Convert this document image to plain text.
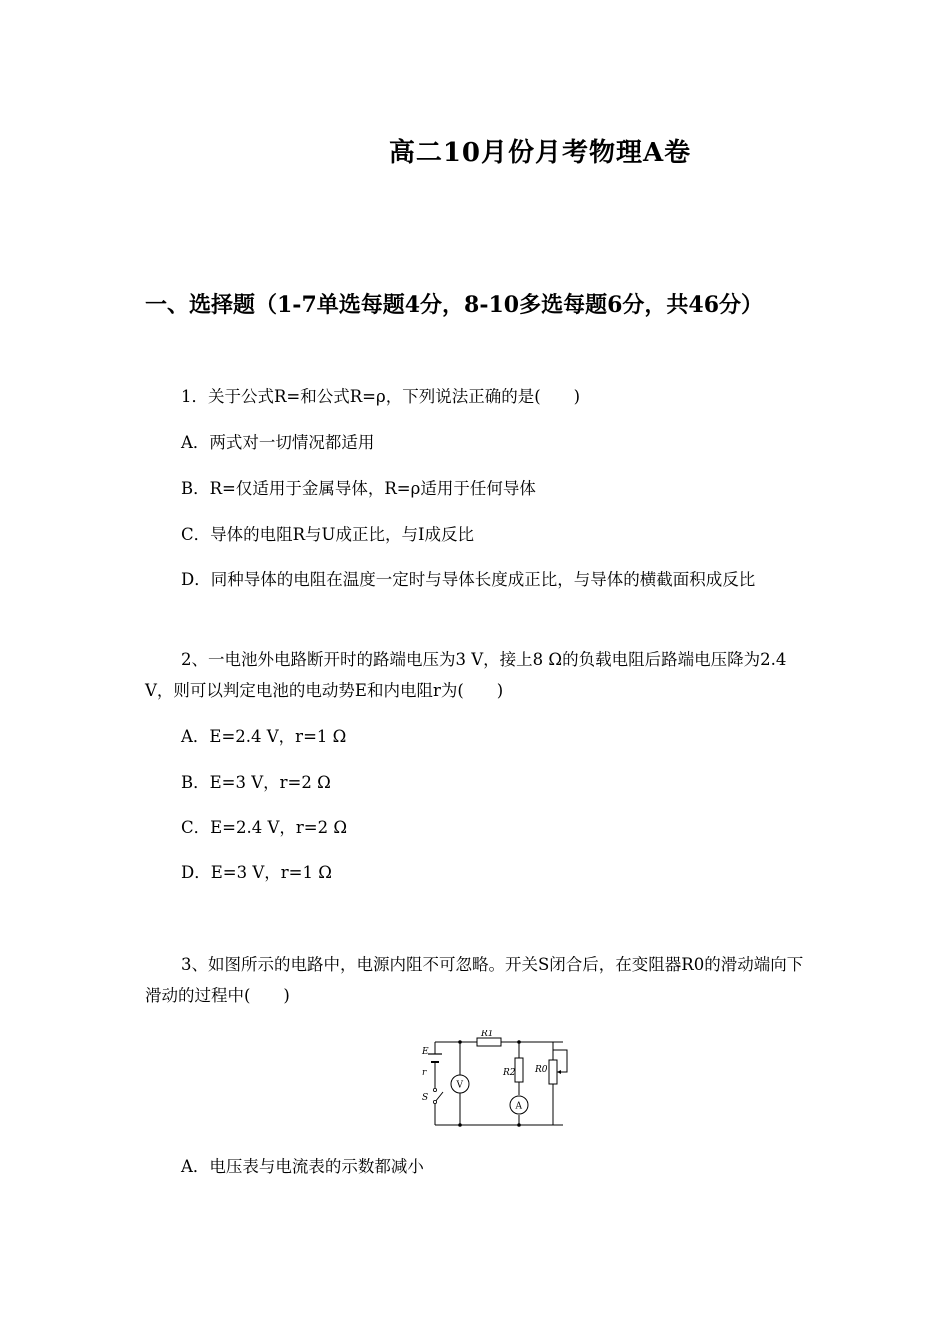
高二10月份月考物理A卷
一、选择题（1-7单选每题4分，8-10多选每题6分，共46分）
1．关于公式R=和公式R=ρ，下列说法正确的是(　　)
A．两式对一切情况都适用
B．R=仅适用于金属导体，R=ρ适用于任何导体
C．导体的电阻R与U成正比，与I成反比
D．同种导体的电阻在温度一定时与导体长度成正比，与导体的横截面积成反比
2、一电池外电路断开时的路端电压为3 V，接上8 Ω的负载电阻后路端电压降为2.4 V，则可以判定电池的电动势E和内电阻r为(　　)
A．E=2.4 V，r=1 Ω
B．E=3 V，r=2 Ω
C．E=2.4 V，r=2 Ω
D．E=3 V，r=1 Ω
3、如图所示的电路中，电源内阻不可忽略。开关S闭合后，在变阻器R0的滑动端向下滑动的过程中(　　)
E
r
S
V
A
R1
R2 R0
A．电压表与电流表的示数都减小
